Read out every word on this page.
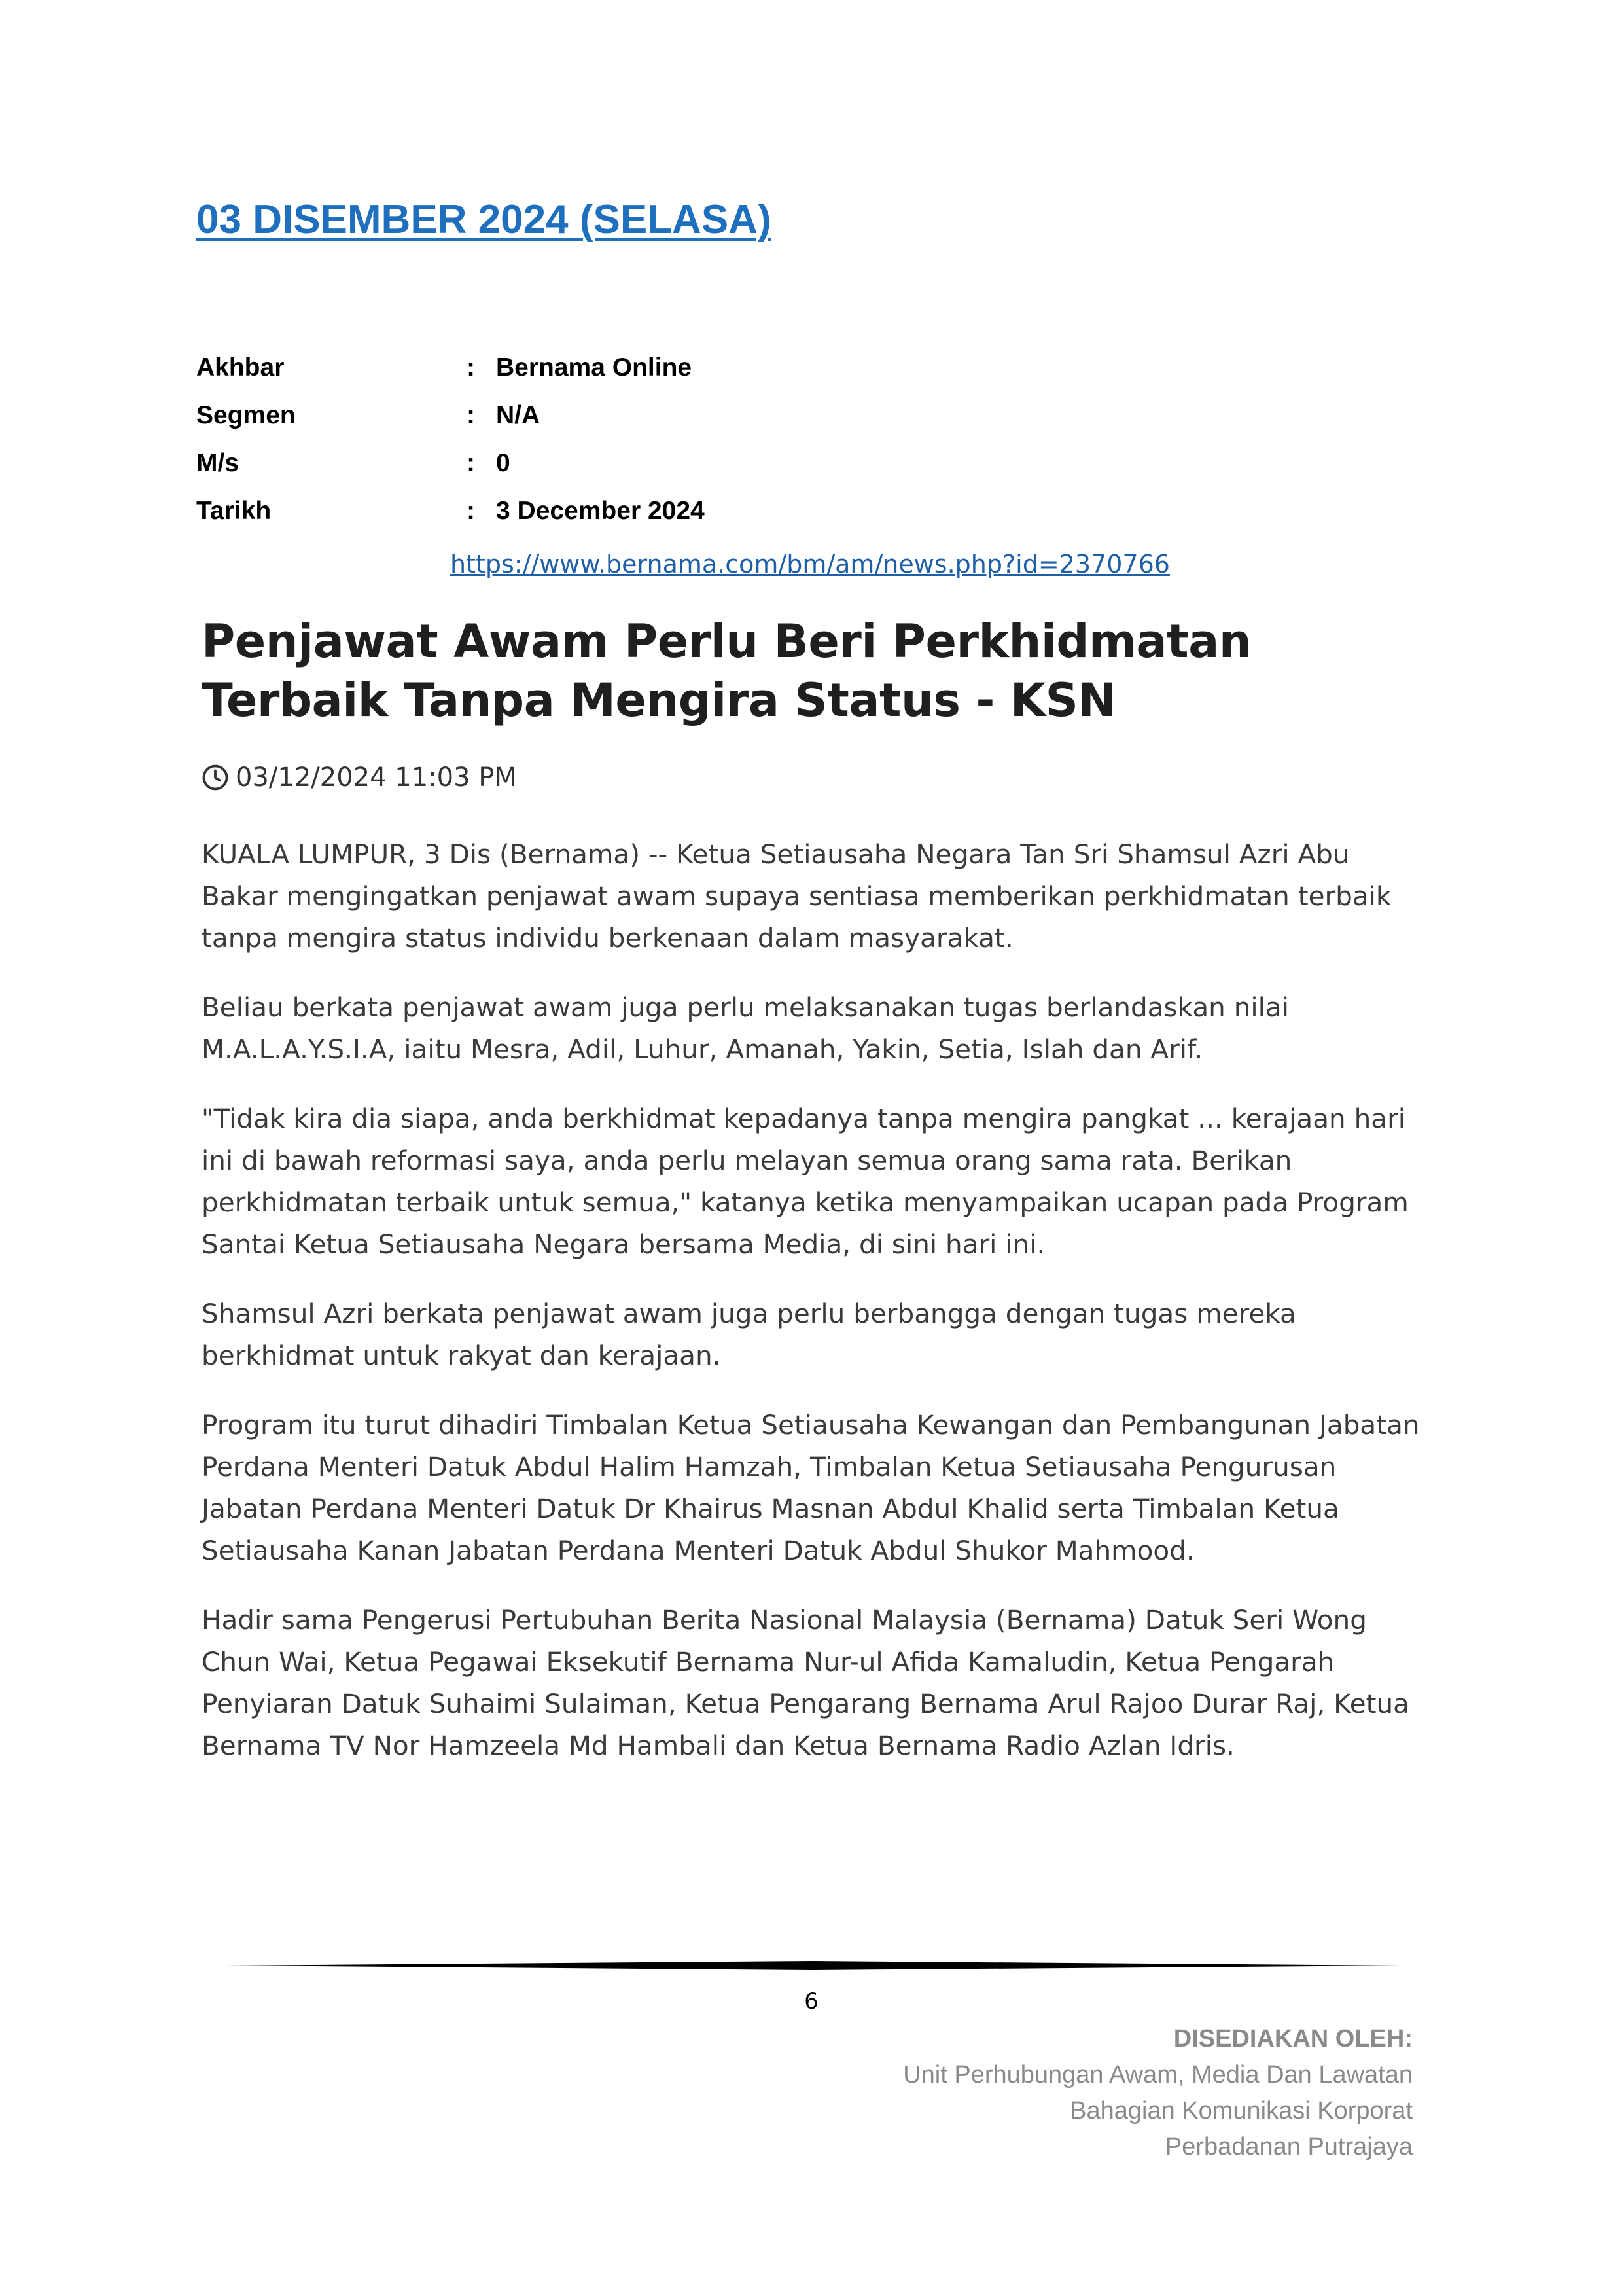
03 DISEMBER 2024 (SELASA)
Akhbar	: Bernama Online
Segmen	: N/A
M/s	: 0
Tarikh	: 3 December 2024
https://www.bernama.com/bm/am/news.php?id=2370766
Penjawat Awam Perlu Beri Perkhidmatan Terbaik Tanpa Mengira Status - KSN
03/12/2024 11:03 PM

KUALA LUMPUR, 3 Dis (Bernama) -- Ketua Setiausaha Negara Tan Sri Shamsul Azri Abu Bakar mengingatkan penjawat awam supaya sentiasa memberikan perkhidmatan terbaik tanpa mengira status individu berkenaan dalam masyarakat.

Beliau berkata penjawat awam juga perlu melaksanakan tugas berlandaskan nilai M.A.L.A.Y.S.I.A, iaitu Mesra, Adil, Luhur, Amanah, Yakin, Setia, Islah dan Arif.

"Tidak kira dia siapa, anda berkhidmat kepadanya tanpa mengira pangkat ... kerajaan hari ini di bawah reformasi saya, anda perlu melayan semua orang sama rata. Berikan perkhidmatan terbaik untuk semua," katanya ketika menyampaikan ucapan pada Program Santai Ketua Setiausaha Negara bersama Media, di sini hari ini.

Shamsul Azri berkata penjawat awam juga perlu berbangga dengan tugas mereka berkhidmat untuk rakyat dan kerajaan.

Program itu turut dihadiri Timbalan Ketua Setiausaha Kewangan dan Pembangunan Jabatan Perdana Menteri Datuk Abdul Halim Hamzah, Timbalan Ketua Setiausaha Pengurusan Jabatan Perdana Menteri Datuk Dr Khairus Masnan Abdul Khalid serta Timbalan Ketua Setiausaha Kanan Jabatan Perdana Menteri Datuk Abdul Shukor Mahmood.

Hadir sama Pengerusi Pertubuhan Berita Nasional Malaysia (Bernama) Datuk Seri Wong Chun Wai, Ketua Pegawai Eksekutif Bernama Nur-ul Afida Kamaludin, Ketua Pengarah Penyiaran Datuk Suhaimi Sulaiman, Ketua Pengarang Bernama Arul Rajoo Durar Raj, Ketua Bernama TV Nor Hamzeela Md Hambali dan Ketua Bernama Radio Azlan Idris.

6
DISEDIAKAN OLEH:
Unit Perhubungan Awam, Media Dan Lawatan
Bahagian Komunikasi Korporat
Perbadanan Putrajaya
